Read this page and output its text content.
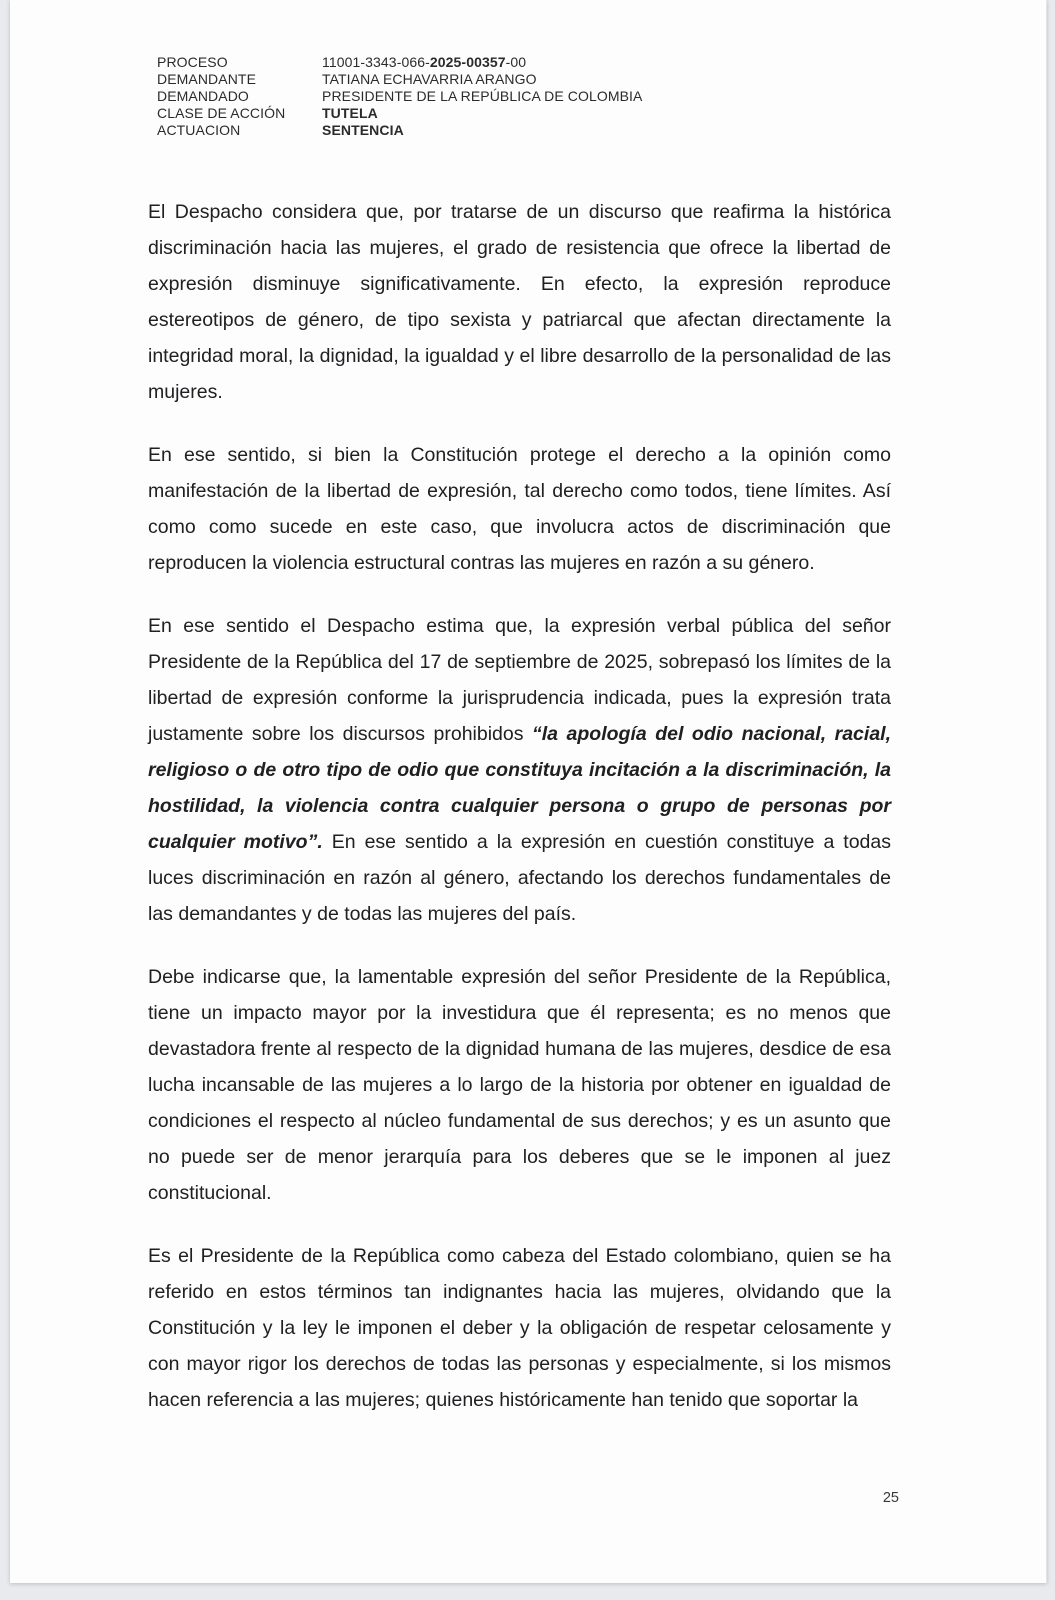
PROCESO	11001-3343-066-2025-00357-00
DEMANDANTE	TATIANA ECHAVARRIA ARANGO
DEMANDADO	PRESIDENTE DE LA REPÚBLICA DE COLOMBIA
CLASE DE ACCIÓN	TUTELA
ACTUACION	SENTENCIA

El Despacho considera que, por tratarse de un discurso que reafirma la histórica discriminación hacia las mujeres, el grado de resistencia que ofrece la libertad de expresión disminuye significativamente. En efecto, la expresión reproduce estereotipos de género, de tipo sexista y patriarcal que afectan directamente la integridad moral, la dignidad, la igualdad y el libre desarrollo de la personalidad de las mujeres.

En ese sentido, si bien la Constitución protege el derecho a la opinión como manifestación de la libertad de expresión, tal derecho como todos, tiene límites. Así como como sucede en este caso, que involucra actos de discriminación que reproducen la violencia estructural contras las mujeres en razón a su género.

En ese sentido el Despacho estima que, la expresión verbal pública del señor Presidente de la República del 17 de septiembre de 2025, sobrepasó los límites de la libertad de expresión conforme la jurisprudencia indicada, pues la expresión trata justamente sobre los discursos prohibidos “la apología del odio nacional, racial, religioso o de otro tipo de odio que constituya incitación a la discriminación, la hostilidad, la violencia contra cualquier persona o grupo de personas por cualquier motivo”. En ese sentido a la expresión en cuestión constituye a todas luces discriminación en razón al género, afectando los derechos fundamentales de las demandantes y de todas las mujeres del país.

Debe indicarse que, la lamentable expresión del señor Presidente de la República, tiene un impacto mayor por la investidura que él representa; es no menos que devastadora frente al respecto de la dignidad humana de las mujeres, desdice de esa lucha incansable de las mujeres a lo largo de la historia por obtener en igualdad de condiciones el respecto al núcleo fundamental de sus derechos; y es un asunto que no puede ser de menor jerarquía para los deberes que se le imponen al juez constitucional.

Es el Presidente de la República como cabeza del Estado colombiano, quien se ha referido en estos términos tan indignantes hacia las mujeres, olvidando que la Constitución y la ley le imponen el deber y la obligación de respetar celosamente y con mayor rigor los derechos de todas las personas y especialmente, si los mismos hacen referencia a las mujeres; quienes históricamente han tenido que soportar la

25
